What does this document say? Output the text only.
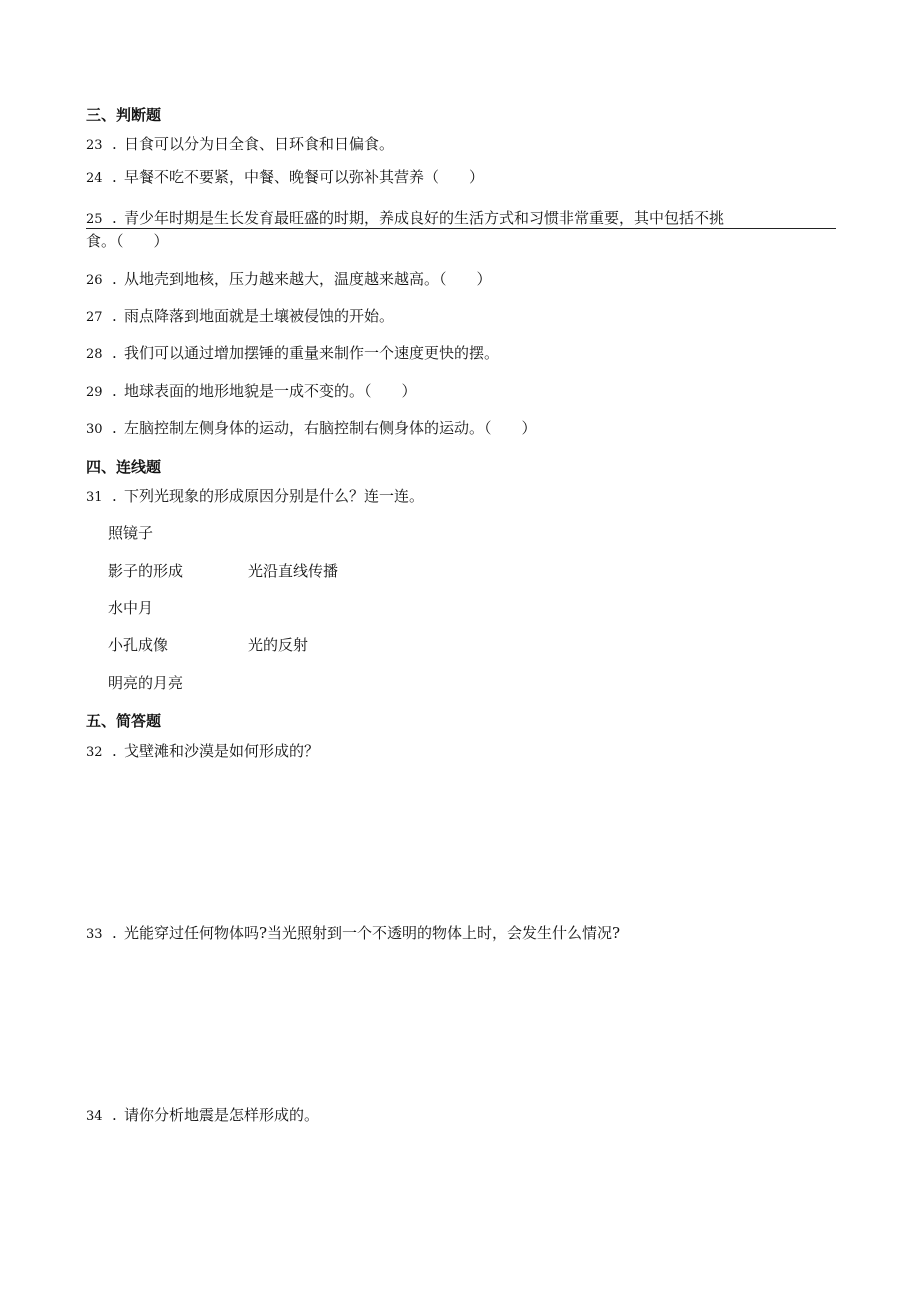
三、判断题
23 . 日食可以分为日全食、日环食和日偏食。
24 . 早餐不吃不要紧，中餐、晚餐可以弥补其营养（　　）
25 . 青少年时期是生长发育最旺盛的时期，养成良好的生活方式和习惯非常重要，其中包括不挑
食。（　　）
26 . 从地壳到地核，压力越来越大，温度越来越高。（　　）
27 . 雨点降落到地面就是土壤被侵蚀的开始。
28 . 我们可以通过增加摆锤的重量来制作一个速度更快的摆。
29 . 地球表面的地形地貌是一成不变的。（　　）
30 . 左脑控制左侧身体的运动，右脑控制右侧身体的运动。（　　）
四、连线题
31 . 下列光现象的形成原因分别是什么？连一连。
照镜子
影子的形成	光沿直线传播
水中月
小孔成像	光的反射
明亮的月亮
五、简答题
32 . 戈壁滩和沙漠是如何形成的？
33 . 光能穿过任何物体吗?当光照射到一个不透明的物体上时，会发生什么情况?
34 . 请你分析地震是怎样形成的。
